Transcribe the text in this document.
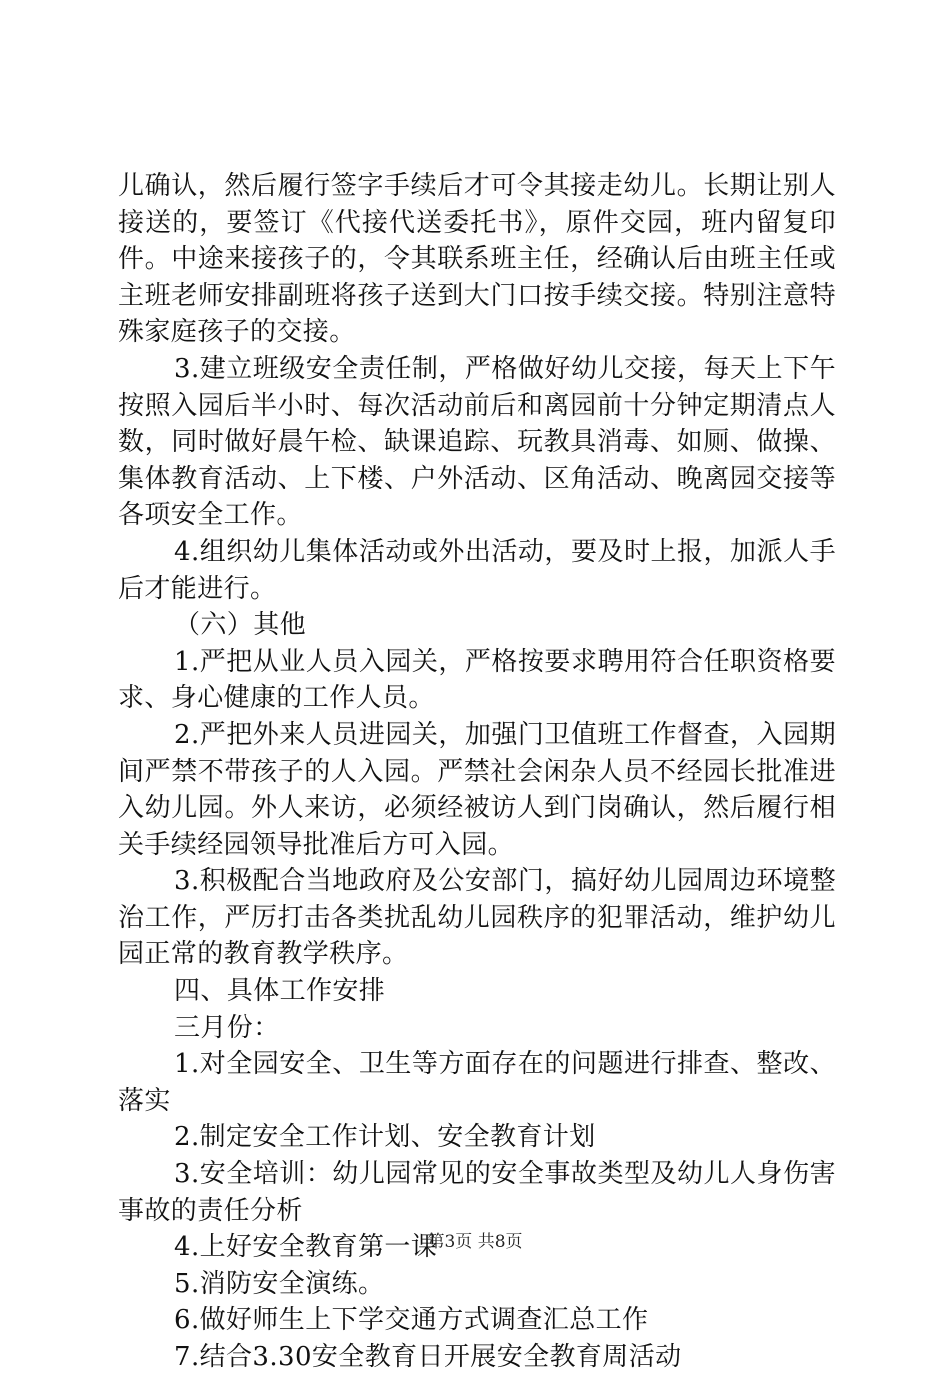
儿确认，然后履行签字手续后才可令其接走幼儿。长期让别人
接送的，要签订《代接代送委托书》，原件交园，班内留复印
件。中途来接孩子的，令其联系班主任，经确认后由班主任或
主班老师安排副班将孩子送到大门口按手续交接。特别注意特
殊家庭孩子的交接。
3.建立班级安全责任制，严格做好幼儿交接，每天上下午
按照入园后半小时、每次活动前后和离园前十分钟定期清点人
数，同时做好晨午检、缺课追踪、玩教具消毒、如厕、做操、
集体教育活动、上下楼、户外活动、区角活动、晚离园交接等
各项安全工作。
4.组织幼儿集体活动或外出活动，要及时上报，加派人手
后才能进行。
（六）其他
1.严把从业人员入园关，严格按要求聘用符合任职资格要
求、身心健康的工作人员。
2.严把外来人员进园关，加强门卫值班工作督查，入园期
间严禁不带孩子的人入园。严禁社会闲杂人员不经园长批准进
入幼儿园。外人来访，必须经被访人到门岗确认，然后履行相
关手续经园领导批准后方可入园。
3.积极配合当地政府及公安部门，搞好幼儿园周边环境整
治工作，严厉打击各类扰乱幼儿园秩序的犯罪活动，维护幼儿
园正常的教育教学秩序。
四、具体工作安排
三月份：
1.对全园安全、卫生等方面存在的问题进行排查、整改、
落实
2.制定安全工作计划、安全教育计划
3.安全培训：幼儿园常见的安全事故类型及幼儿人身伤害
事故的责任分析
4.上好安全教育第一课
5.消防安全演练。
6.做好师生上下学交通方式调查汇总工作
7.结合3.30安全教育日开展安全教育周活动
第3页 共8页
